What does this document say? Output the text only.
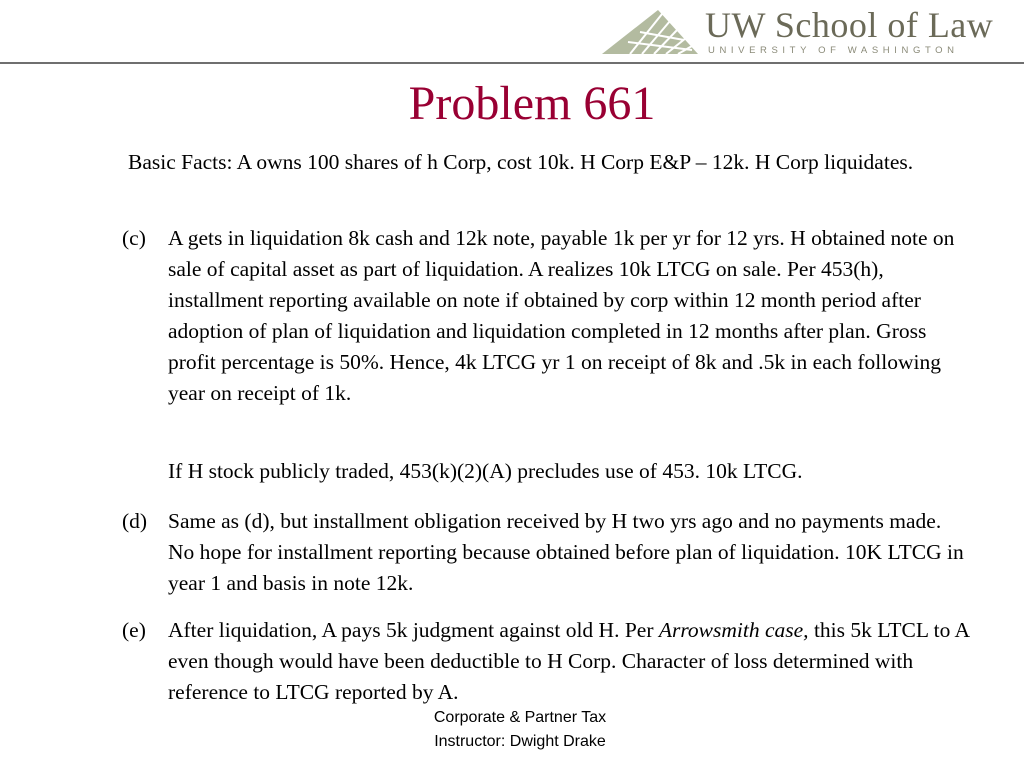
UW School of Law
UNIVERSITY OF WASHINGTON
Problem 661
Basic Facts: A owns 100 shares of h Corp, cost 10k. H Corp E&P – 12k. H Corp liquidates.
(c)	A gets in liquidation 8k cash and 12k note, payable 1k per yr for 12 yrs. H obtained note on sale of capital asset as part of liquidation. A realizes 10k LTCG on sale. Per 453(h), installment reporting available on note if obtained by corp within 12 month period after adoption of plan of liquidation and liquidation completed in 12 months after plan. Gross profit percentage is 50%. Hence, 4k LTCG yr 1 on receipt of 8k and .5k in each following year on receipt of 1k.
If H stock publicly traded, 453(k)(2)(A) precludes use of 453. 10k LTCG.
(d) Same as (d), but installment obligation received by H two yrs ago and no payments made. No hope for installment reporting because obtained before plan of liquidation. 10K LTCG in year 1 and basis in note 12k.
(e)	After liquidation, A pays 5k judgment against old H. Per Arrowsmith case, this 5k LTCL to A even though would have been deductible to H Corp. Character of loss determined with reference to LTCG reported by A.
Corporate & Partner Tax
Instructor: Dwight Drake
